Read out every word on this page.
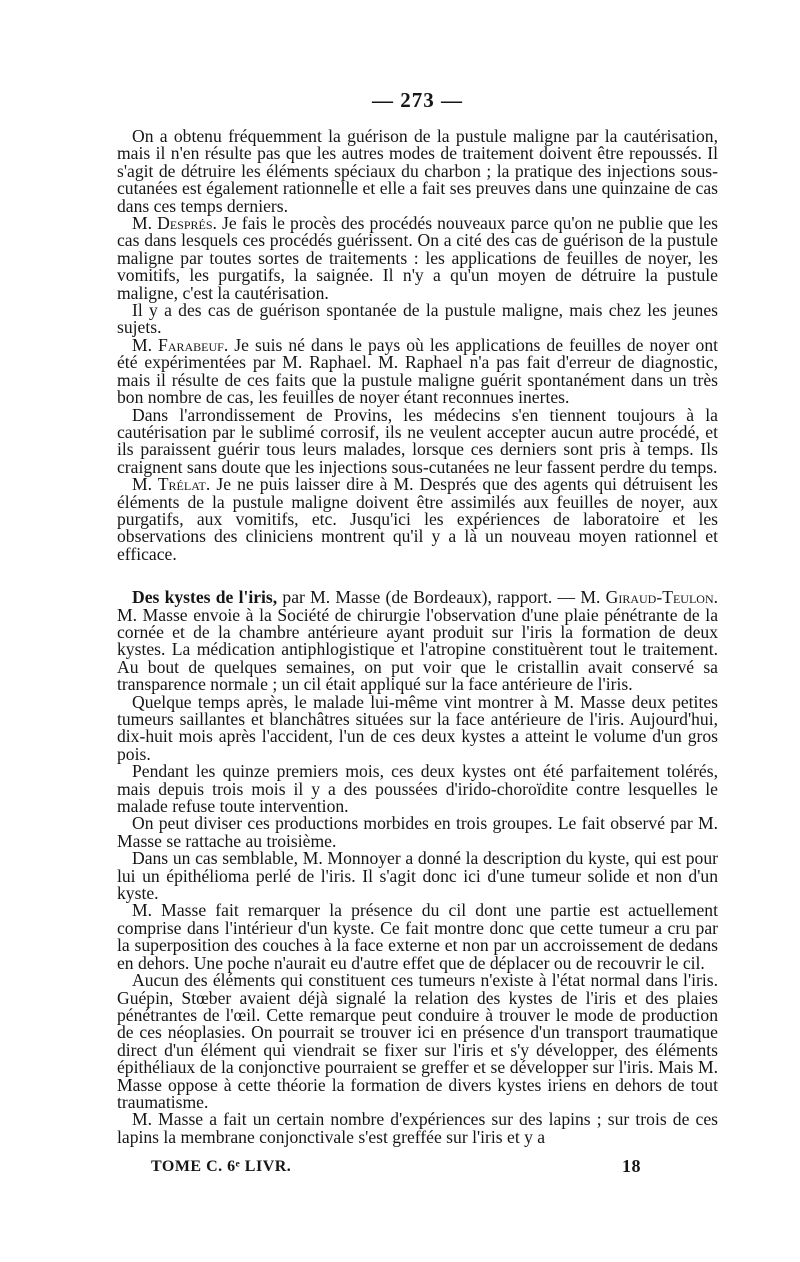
— 273 —

On a obtenu fréquemment la guérison de la pustule maligne par la cautérisation, mais il n'en résulte pas que les autres modes de traitement doivent être repoussés. Il s'agit de détruire les éléments spéciaux du charbon ; la pratique des injections sous-cutanées est également rationnelle et elle a fait ses preuves dans une quinzaine de cas dans ces temps derniers.

M. Després. Je fais le procès des procédés nouveaux parce qu'on ne publie que les cas dans lesquels ces procédés guérissent. On a cité des cas de guérison de la pustule maligne par toutes sortes de traitements : les applications de feuilles de noyer, les vomitifs, les purgatifs, la saignée. Il n'y a qu'un moyen de détruire la pustule maligne, c'est la cautérisation.

Il y a des cas de guérison spontanée de la pustule maligne, mais chez les jeunes sujets.

M. Farabeuf. Je suis né dans le pays où les applications de feuilles de noyer ont été expérimentées par M. Raphael. M. Raphael n'a pas fait d'erreur de diagnostic, mais il résulte de ces faits que la pustule maligne guérit spontanément dans un très bon nombre de cas, les feuilles de noyer étant reconnues inertes.

Dans l'arrondissement de Provins, les médecins s'en tiennent toujours à la cautérisation par le sublimé corrosif, ils ne veulent accepter aucun autre procédé, et ils paraissent guérir tous leurs malades, lorsque ces derniers sont pris à temps. Ils craignent sans doute que les injections sous-cutanées ne leur fassent perdre du temps.

M. Trélat. Je ne puis laisser dire à M. Després que des agents qui détruisent les éléments de la pustule maligne doivent être assimilés aux feuilles de noyer, aux purgatifs, aux vomitifs, etc. Jusqu'ici les expériences de laboratoire et les observations des cliniciens montrent qu'il y a là un nouveau moyen rationnel et efficace.

Des kystes de l'iris, par M. Masse (de Bordeaux), rapport. — M. Giraud-Teulon. M. Masse envoie à la Société de chirurgie l'observation d'une plaie pénétrante de la cornée et de la chambre antérieure ayant produit sur l'iris la formation de deux kystes. La médication antiphlogistique et l'atropine constituèrent tout le traitement. Au bout de quelques semaines, on put voir que le cristallin avait conservé sa transparence normale ; un cil était appliqué sur la face antérieure de l'iris.

Quelque temps après, le malade lui-même vint montrer à M. Masse deux petites tumeurs saillantes et blanchâtres situées sur la face antérieure de l'iris. Aujourd'hui, dix-huit mois après l'accident, l'un de ces deux kystes a atteint le volume d'un gros pois.

Pendant les quinze premiers mois, ces deux kystes ont été parfaitement tolérés, mais depuis trois mois il y a des poussées d'irido-choroïdite contre lesquelles le malade refuse toute intervention.

On peut diviser ces productions morbides en trois groupes. Le fait observé par M. Masse se rattache au troisième.

Dans un cas semblable, M. Monnoyer a donné la description du kyste, qui est pour lui un épithélioma perlé de l'iris. Il s'agit donc ici d'une tumeur solide et non d'un kyste.

M. Masse fait remarquer la présence du cil dont une partie est actuellement comprise dans l'intérieur d'un kyste. Ce fait montre donc que cette tumeur a cru par la superposition des couches à la face externe et non par un accroissement de dedans en dehors. Une poche n'aurait eu d'autre effet que de déplacer ou de recouvrir le cil.

Aucun des éléments qui constituent ces tumeurs n'existe à l'état normal dans l'iris. Guépin, Stœber avaient déjà signalé la relation des kystes de l'iris et des plaies pénétrantes de l'œil. Cette remarque peut conduire à trouver le mode de production de ces néoplasies. On pourrait se trouver ici en présence d'un transport traumatique direct d'un élément qui viendrait se fixer sur l'iris et s'y développer, des éléments épithéliaux de la conjonctive pourraient se greffer et se développer sur l'iris. Mais M. Masse oppose à cette théorie la formation de divers kystes iriens en dehors de tout traumatisme.

M. Masse a fait un certain nombre d'expériences sur des lapins ; sur trois de ces lapins la membrane conjonctivale s'est greffée sur l'iris et y a

TOME C. 6ᵉ LIVR.	18
